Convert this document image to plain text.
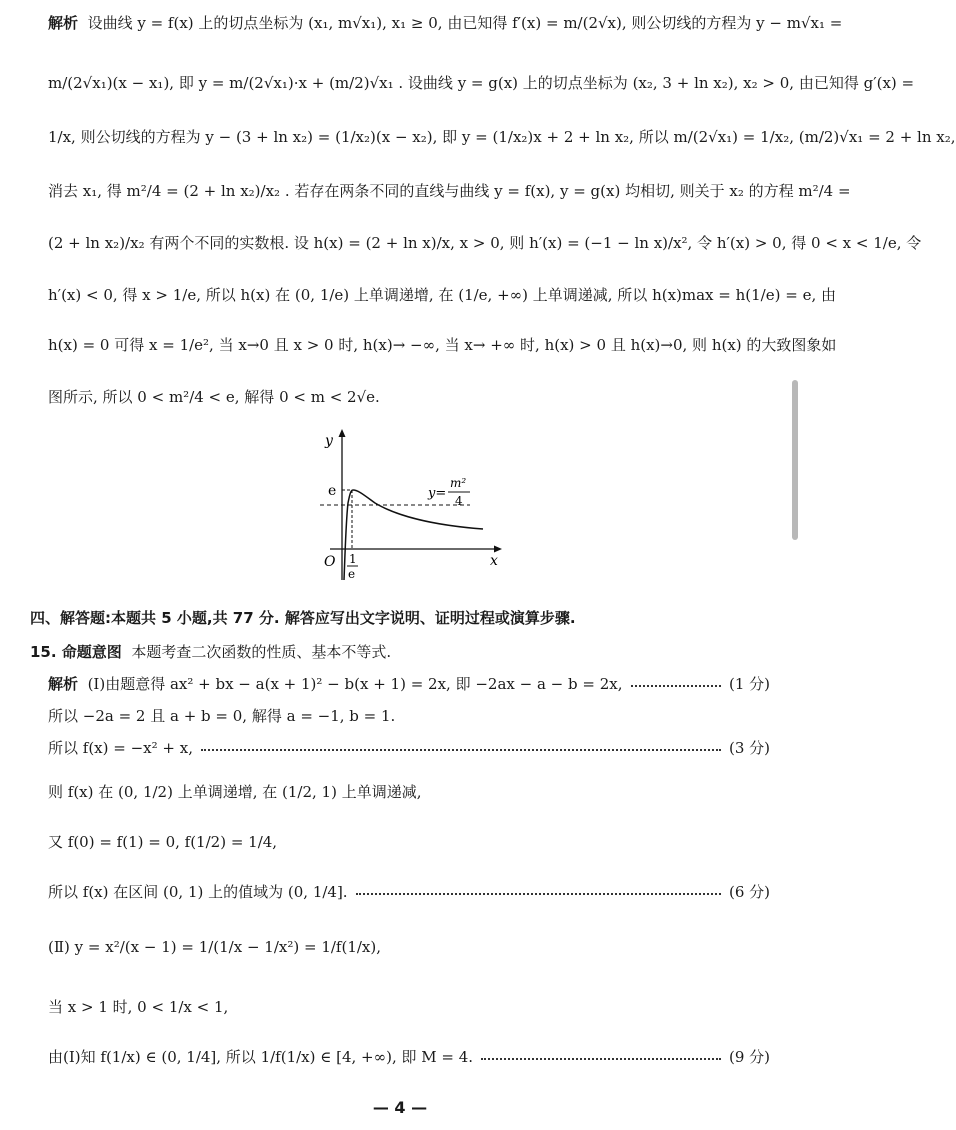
解析 设曲线 y = f(x) 上的切点坐标为 (x₁, m√x₁), x₁ ≥ 0, 由已知得 f′(x) = m/(2√x), 则公切线的方程为 y − m√x₁ =
m/(2√x₁)(x − x₁), 即 y = m/(2√x₁)·x + (m/2)√x₁ . 设曲线 y = g(x) 上的切点坐标为 (x₂, 3 + ln x₂), x₂ > 0, 由已知得 g′(x) =
1/x, 则公切线的方程为 y − (3 + ln x₂) = (1/x₂)(x − x₂), 即 y = (1/x₂)x + 2 + ln x₂, 所以 m/(2√x₁) = 1/x₂, (m/2)√x₁ = 2 + ln x₂,
消去 x₁, 得 m²/4 = (2 + ln x₂)/x₂ . 若存在两条不同的直线与曲线 y = f(x), y = g(x) 均相切, 则关于 x₂ 的方程 m²/4 =
(2 + ln x₂)/x₂ 有两个不同的实数根. 设 h(x) = (2 + ln x)/x, x > 0, 则 h′(x) = (−1 − ln x)/x², 令 h′(x) > 0, 得 0 < x < 1/e, 令
h′(x) < 0, 得 x > 1/e, 所以 h(x) 在 (0, 1/e) 上单调递增, 在 (1/e, +∞) 上单调递减, 所以 h(x)max = h(1/e) = e, 由
h(x) = 0 可得 x = 1/e², 当 x→0 且 x > 0 时, h(x)→ −∞, 当 x→ +∞ 时, h(x) > 0 且 h(x)→0, 则 h(x) 的大致图象如
图所示, 所以 0 < m²/4 < e, 解得 0 < m < 2√e.
y
x
O
e
1
e
y=
m²
4
四、解答题:本题共 5 小题,共 77 分. 解答应写出文字说明、证明过程或演算步骤.
15. 命题意图
本题考查二次函数的性质、基本不等式.
解析 (Ⅰ)由题意得 ax² + bx − a(x + 1)² − b(x + 1) = 2x, 即 −2ax − a − b = 2x,	(1 分)
所以 −2a = 2 且 a + b = 0, 解得 a = −1, b = 1.
所以 f(x) = −x² + x,	(3 分)
则 f(x) 在 (0, 1/2) 上单调递增, 在 (1/2, 1) 上单调递减,
又 f(0) = f(1) = 0, f(1/2) = 1/4,
所以 f(x) 在区间 (0, 1) 上的值域为 (0, 1/4].	(6 分)
(Ⅱ) y = x²/(x − 1) = 1/(1/x − 1/x²) = 1/f(1/x),
当 x > 1 时, 0 < 1/x < 1,
由(Ⅰ)知 f(1/x) ∈ (0, 1/4], 所以 1/f(1/x) ∈ [4, +∞), 即 M = 4.	(9 分)
— 4 —
